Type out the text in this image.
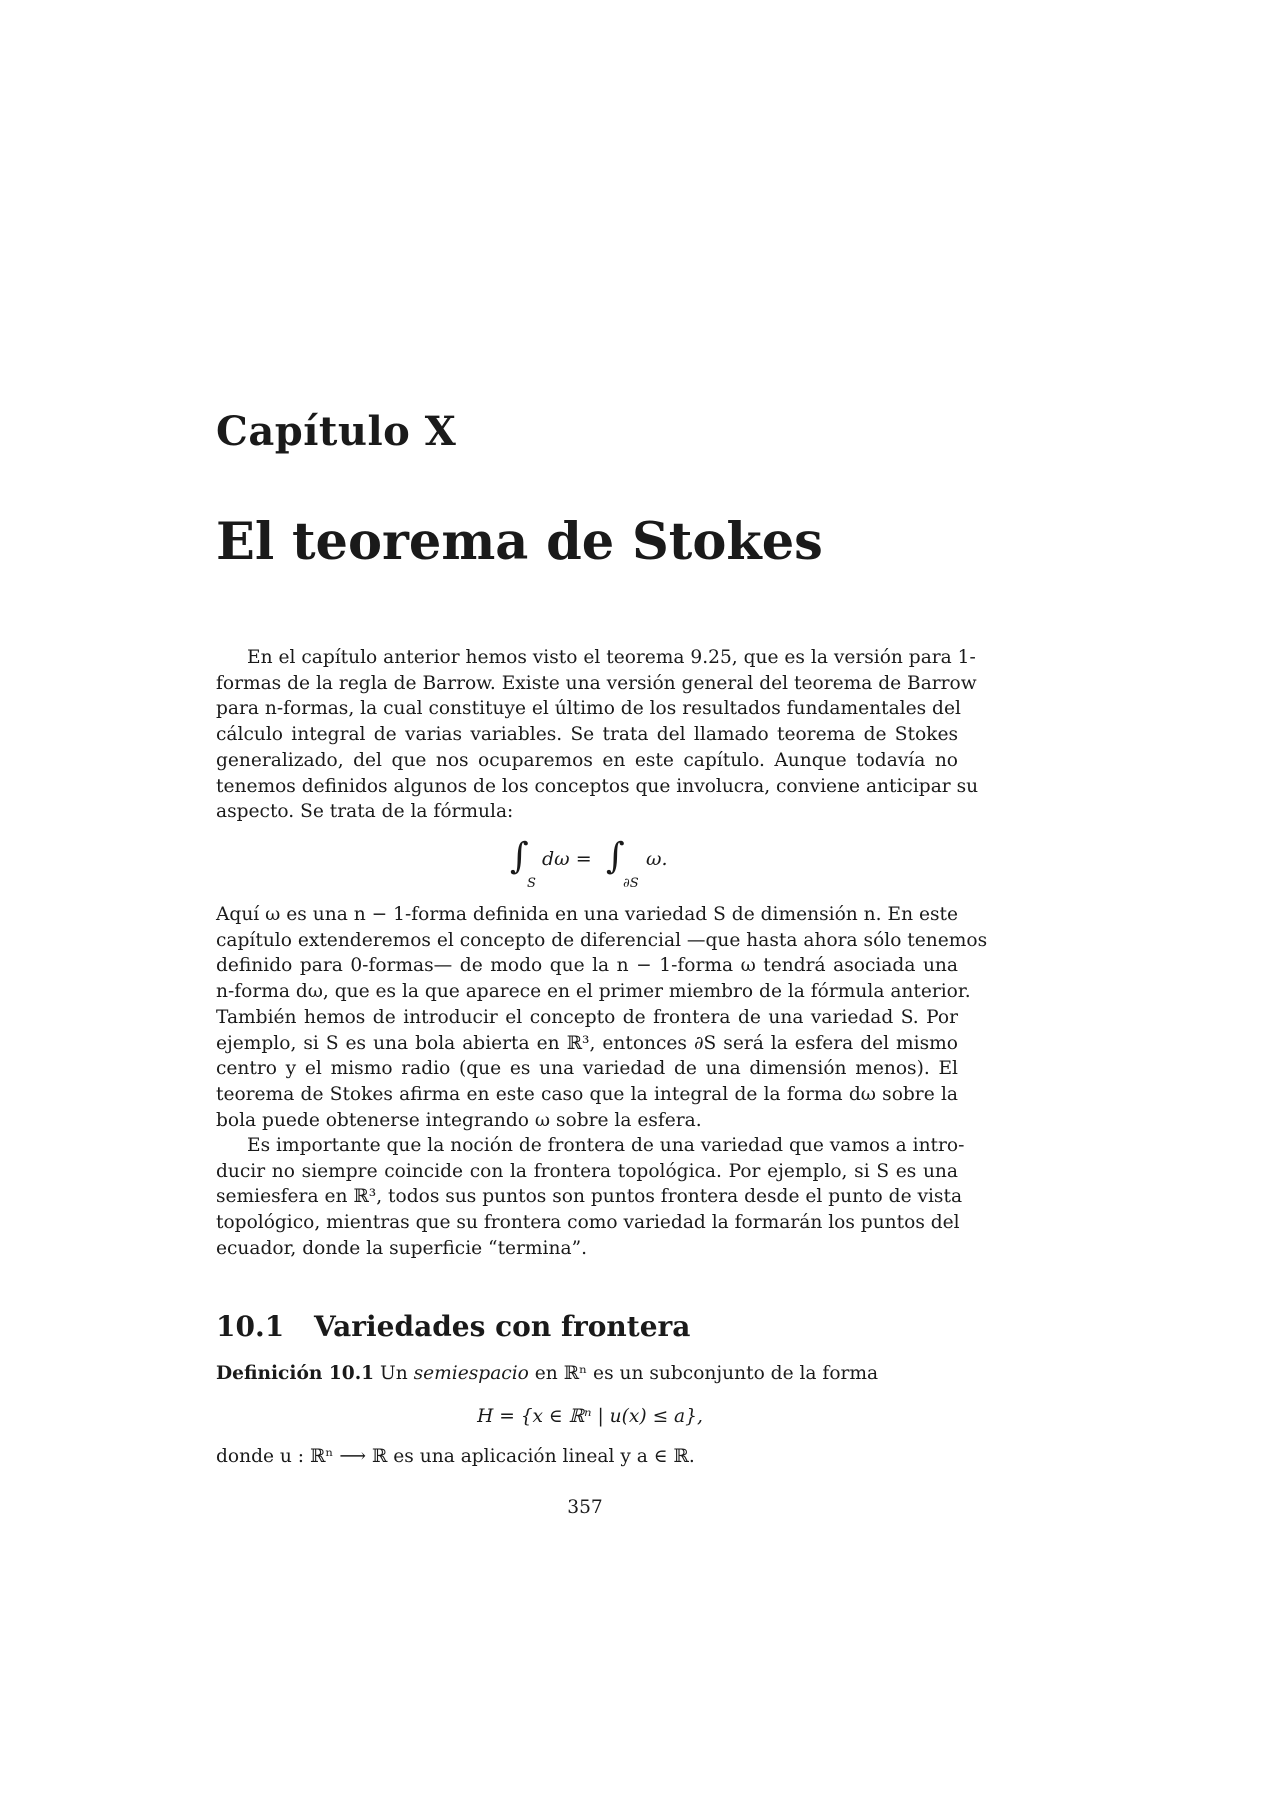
Capítulo X
El teorema de Stokes

En el capítulo anterior hemos visto el teorema 9.25, que es la versión para 1-
formas de la regla de Barrow. Existe una versión general del teorema de Barrow
para n-formas, la cual constituye el último de los resultados fundamentales del
cálculo integral de varias variables. Se trata del llamado teorema de Stokes
generalizado, del que nos ocuparemos en este capítulo. Aunque todavía no
tenemos definidos algunos de los conceptos que involucra, conviene anticipar su
aspecto. Se trata de la fórmula:

∫
S
dω = ∫
∂S
ω.

Aquí ω es una n − 1-forma definida en una variedad S de dimensión n. En este
capítulo extenderemos el concepto de diferencial —que hasta ahora sólo tenemos
definido para 0-formas— de modo que la n − 1-forma ω tendrá asociada una
n-forma dω, que es la que aparece en el primer miembro de la fórmula anterior.
También hemos de introducir el concepto de frontera de una variedad S. Por
ejemplo, si S es una bola abierta en ℝ³, entonces ∂S será la esfera del mismo
centro y el mismo radio (que es una variedad de una dimensión menos). El
teorema de Stokes afirma en este caso que la integral de la forma dω sobre la
bola puede obtenerse integrando ω sobre la esfera.

Es importante que la noción de frontera de una variedad que vamos a intro-
ducir no siempre coincide con la frontera topológica. Por ejemplo, si S es una
semiesfera en ℝ³, todos sus puntos son puntos frontera desde el punto de vista
topológico, mientras que su frontera como variedad la formarán los puntos del
ecuador, donde la superficie “termina”.

10.1 Variedades con frontera

Definición 10.1 Un semiespacio en ℝⁿ es un subconjunto de la forma

H = {x ∈ ℝⁿ | u(x) ≤ a},

donde u : ℝⁿ ⟶ ℝ es una aplicación lineal y a ∈ ℝ.

357
